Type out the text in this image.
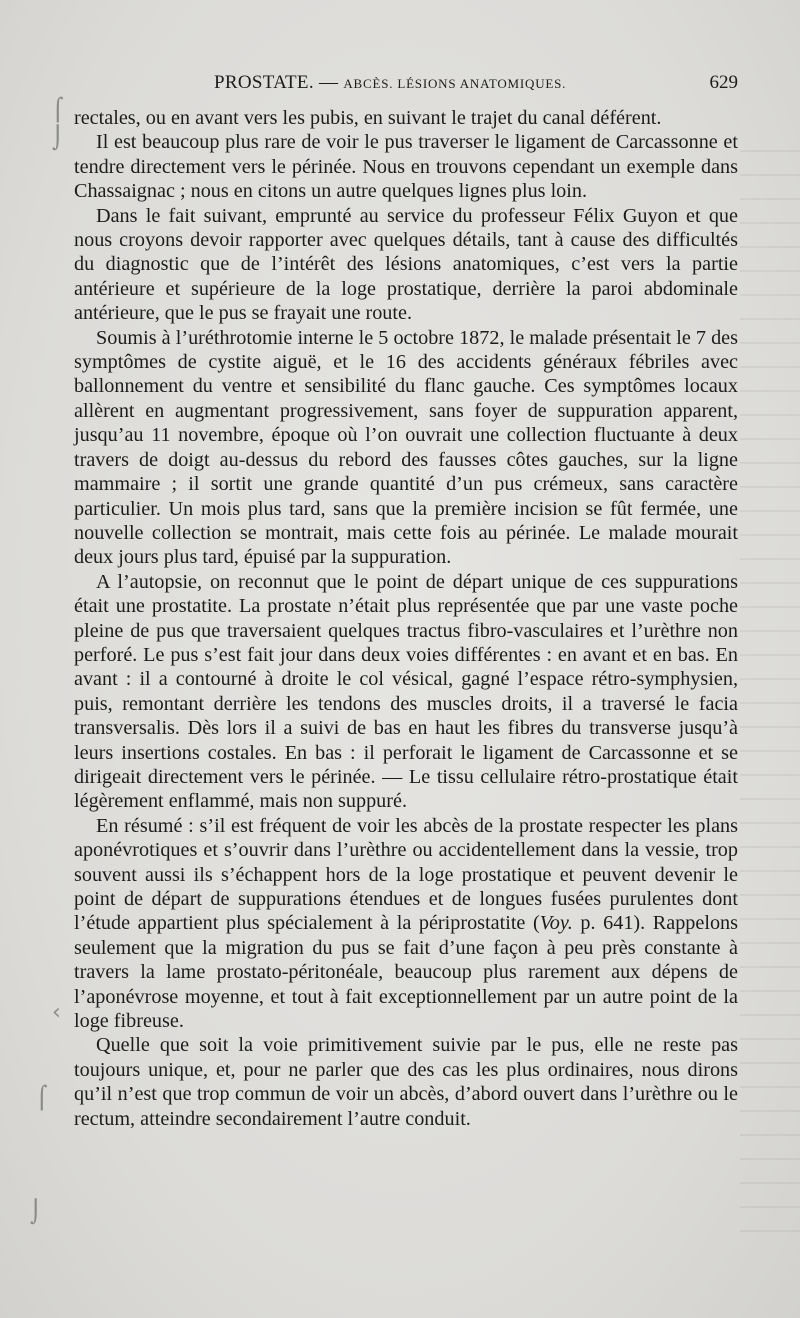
⌠
⌡
‹
⌠
⌡
PROSTATE. — ABCÈS. LÉSIONS ANATOMIQUES.	629

rectales, ou en avant vers les pubis, en suivant le trajet du canal déférent.

Il est beaucoup plus rare de voir le pus traverser le ligament de Carcassonne et tendre directement vers le périnée. Nous en trouvons cependant un exemple dans Chassaignac ; nous en citons un autre quelques lignes plus loin.

Dans le fait suivant, emprunté au service du professeur Félix Guyon et que nous croyons devoir rapporter avec quelques détails, tant à cause des difficultés du diagnostic que de l’intérêt des lésions anatomiques, c’est vers la partie antérieure et supérieure de la loge prostatique, derrière la paroi abdominale antérieure, que le pus se frayait une route.

Soumis à l’uréthrotomie interne le 5 octobre 1872, le malade présentait le 7 des symptômes de cystite aiguë, et le 16 des accidents généraux fébriles avec ballonnement du ventre et sensibilité du flanc gauche. Ces symptômes locaux allèrent en augmentant progressivement, sans foyer de suppuration apparent, jusqu’au 11 novembre, époque où l’on ouvrait une collection fluctuante à deux travers de doigt au-dessus du rebord des fausses côtes gauches, sur la ligne mammaire ; il sortit une grande quantité d’un pus crémeux, sans caractère particulier. Un mois plus tard, sans que la première incision se fût fermée, une nouvelle collection se montrait, mais cette fois au périnée. Le malade mourait deux jours plus tard, épuisé par la suppuration.

A l’autopsie, on reconnut que le point de départ unique de ces suppurations était une prostatite. La prostate n’était plus représentée que par une vaste poche pleine de pus que traversaient quelques tractus fibro-vasculaires et l’urèthre non perforé. Le pus s’est fait jour dans deux voies différentes : en avant et en bas. En avant : il a contourné à droite le col vésical, gagné l’espace rétro-symphysien, puis, remontant derrière les tendons des muscles droits, il a traversé le facia transversalis. Dès lors il a suivi de bas en haut les fibres du transverse jusqu’à leurs insertions costales. En bas : il perforait le ligament de Carcassonne et se dirigeait directement vers le périnée. — Le tissu cellulaire rétro-prostatique était légèrement enflammé, mais non suppuré.

En résumé : s’il est fréquent de voir les abcès de la prostate respecter les plans aponévrotiques et s’ouvrir dans l’urèthre ou accidentellement dans la vessie, trop souvent aussi ils s’échappent hors de la loge prostatique et peuvent devenir le point de départ de suppurations étendues et de longues fusées purulentes dont l’étude appartient plus spécialement à la périprostatite (Voy. p. 641). Rappelons seulement que la migration du pus se fait d’une façon à peu près constante à travers la lame prostato-péritonéale, beaucoup plus rarement aux dépens de l’aponévrose moyenne, et tout à fait exceptionnellement par un autre point de la loge fibreuse.

Quelle que soit la voie primitivement suivie par le pus, elle ne reste pas toujours unique, et, pour ne parler que des cas les plus ordinaires, nous dirons qu’il n’est que trop commun de voir un abcès, d’abord ouvert dans l’urèthre ou le rectum, atteindre secondairement l’autre conduit.
